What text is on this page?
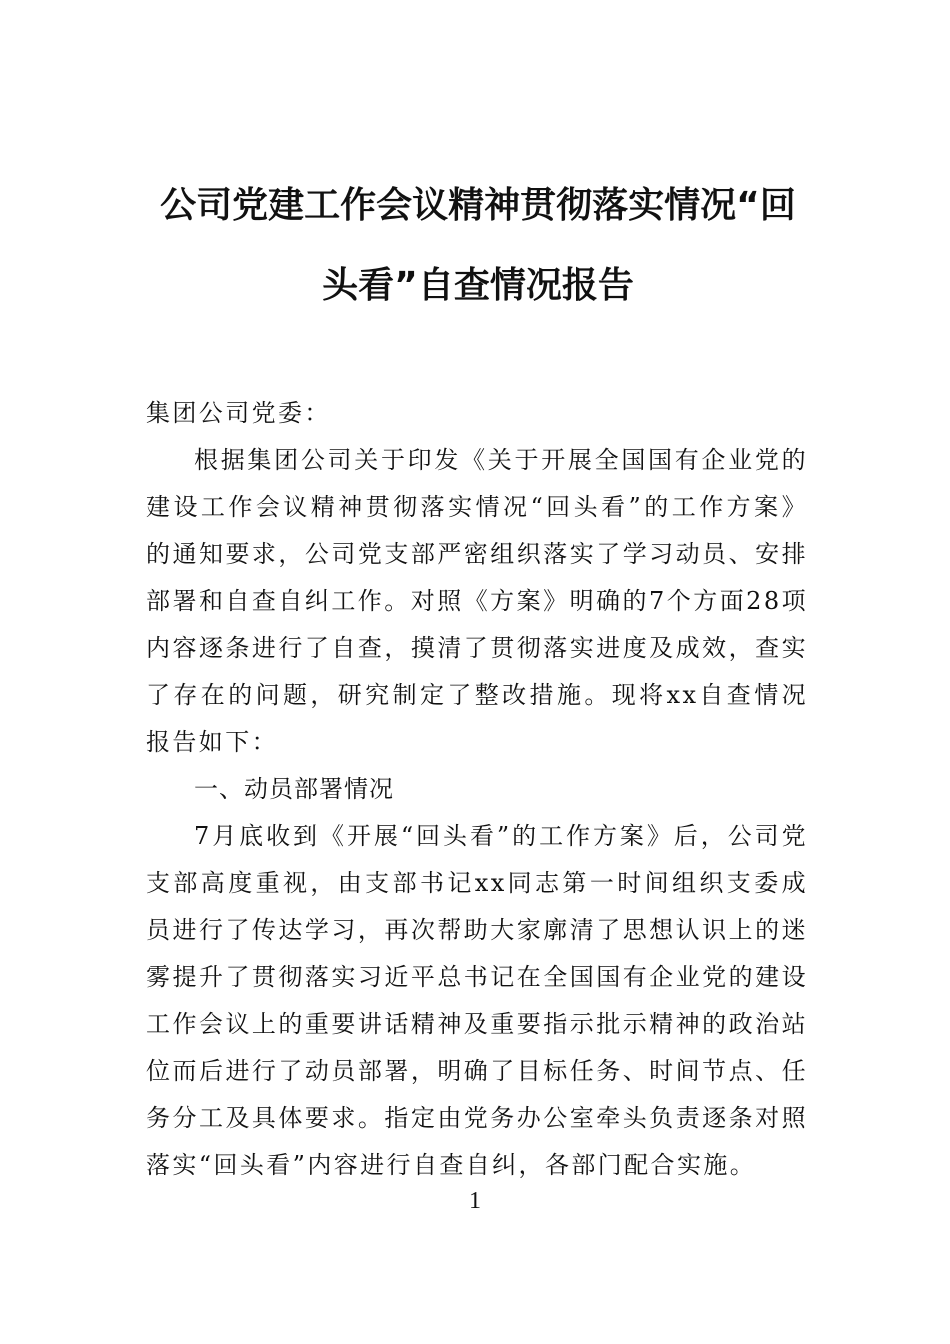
公司党建工作会议精神贯彻落实情况“回
头看”自查情况报告

集团公司党委：

根据集团公司关于印发《关于开展全国国有企业党的建设工作会议精神贯彻落实情况“回头看”的工作方案》的通知要求，公司党支部严密组织落实了学习动员、安排部署和自查自纠工作。对照《方案》明确的7个方面28项内容逐条进行了自查，摸清了贯彻落实进度及成效，查实了存在的问题，研究制定了整改措施。现将xx自查情况报告如下：

一、动员部署情况

7月底收到《开展“回头看”的工作方案》后，公司党支部高度重视，由支部书记xx同志第一时间组织支委成员进行了传达学习，再次帮助大家廓清了思想认识上的迷雾提升了贯彻落实习近平总书记在全国国有企业党的建设工作会议上的重要讲话精神及重要指示批示精神的政治站位而后进行了动员部署，明确了目标任务、时间节点、任务分工及具体要求。指定由党务办公室牵头负责逐条对照落实“回头看”内容进行自查自纠，各部门配合实施。

1
